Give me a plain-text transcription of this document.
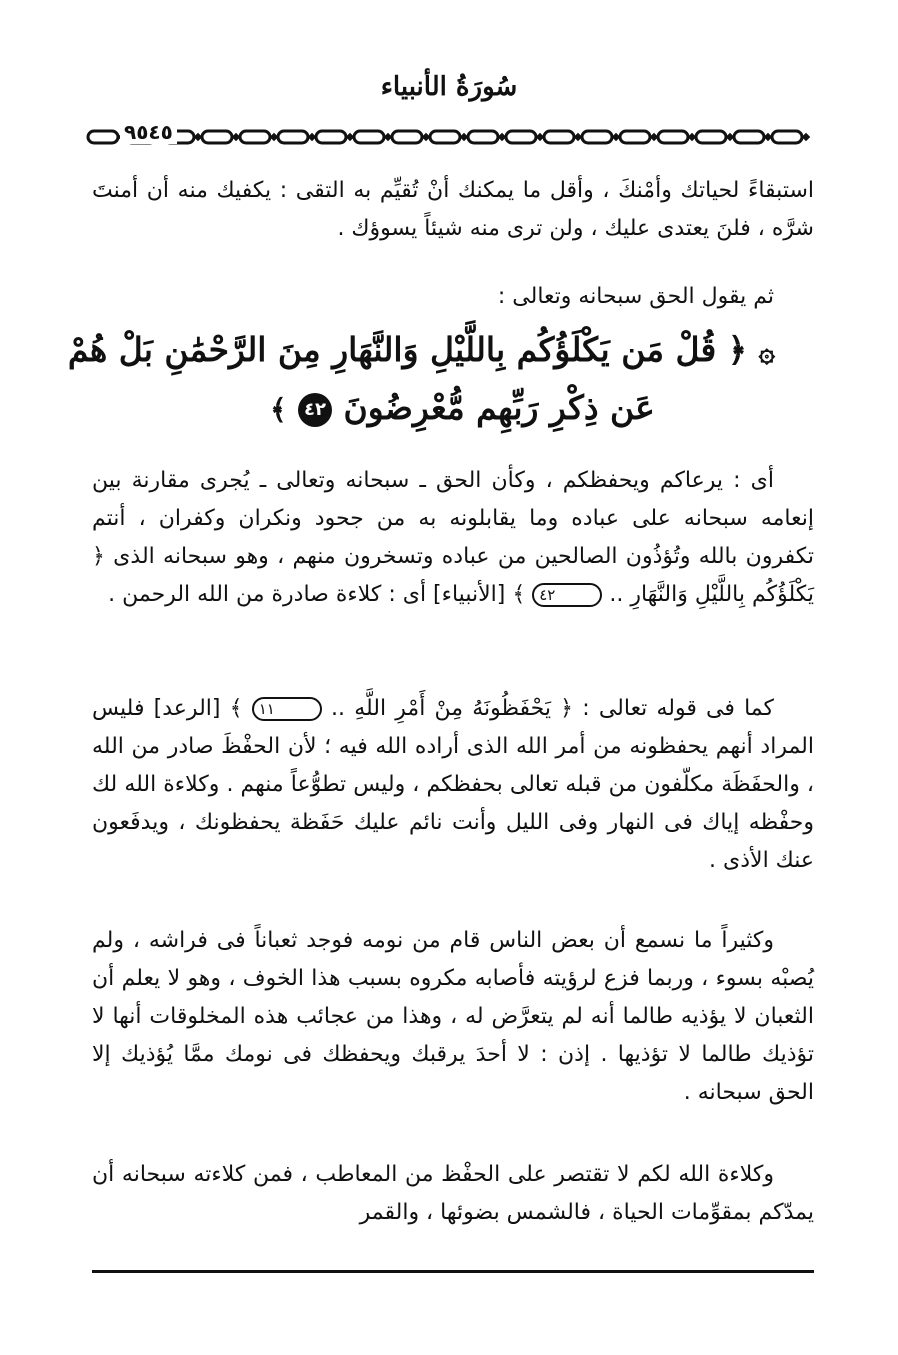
سُورَةُ الأنبياء
٩٥٤٥

استبقاءً لحياتك وأمْنكَ ، وأقل ما يمكنك أنْ تُقيِّم به التقى : يكفيك منه أن أمنتَ شرَّه ، فلنَ يعتدى عليك ، ولن ترى منه شيئاً يسوؤك .

ثم يقول الحق سبحانه وتعالى :

۞ ﴿ قُلْ مَن يَكْلَؤُكُم بِاللَّيْلِ وَالنَّهَارِ مِنَ الرَّحْمَٰنِ بَلْ هُمْ
عَن ذِكْرِ رَبِّهِم مُّعْرِضُونَ ٤٢ ﴾

أى : يرعاكم ويحفظكم ، وكأن الحق ـ سبحانه وتعالى ـ يُجرى مقارنة بين إنعامه سبحانه على عباده وما يقابلونه به من جحود ونكران وكفران ، أنتم تكفرون بالله وتُؤذُون الصالحين من عباده وتسخرون منهم ، وهو سبحانه الذى ﴿ يَكْلَؤُكُم بِاللَّيْلِ وَالنَّهَارِ .. ٤٢ ﴾ [الأنبياء] أى : كلاءة صادرة من الله الرحمن .

كما فى قوله تعالى : ﴿ يَحْفَظُونَهُ مِنْ أَمْرِ اللَّهِ .. ١١ ﴾ [الرعد] فليس المراد أنهم يحفظونه من أمر الله الذى أراده الله فيه ؛ لأن الحفْظَ صادر من الله ، والحفَظَة مكلّفون من قبله تعالى بحفظكم ، وليس تطوُّعاً منهم . وكلاءة الله لك وحفْظه إياك فى النهار وفى الليل وأنت نائم عليك حَفَظة يحفظونك ، ويدفَعون عنك الأذى .

وكثيراً ما نسمع أن بعض الناس قام من نومه فوجد ثعباناً فى فراشه ، ولم يُصبْه بسوء ، وربما فزع لرؤيته فأصابه مكروه بسبب هذا الخوف ، وهو لا يعلم أن الثعبان لا يؤذيه طالما أنه لم يتعرَّض له ، وهذا من عجائب هذه المخلوقات أنها لا تؤذيك طالما لا تؤذيها . إذن : لا أحدَ يرقبك ويحفظك فى نومك ممَّا يُؤذيك إلا الحق سبحانه .

وكلاءة الله لكم لا تقتصر على الحفْظ من المعاطب ، فمن كلاءته سبحانه أن يمدّكم بمقوِّمات الحياة ، فالشمس بضوئها ، والقمر
